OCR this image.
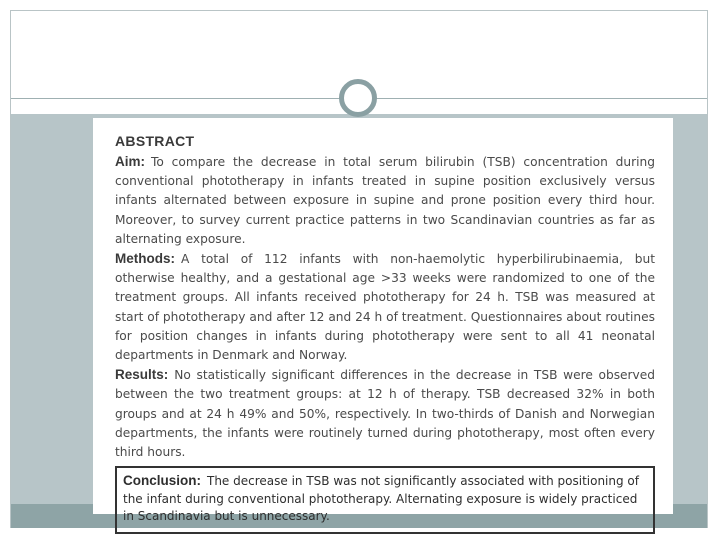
ABSTRACT

Aim: To compare the decrease in total serum bilirubin (TSB) concentration during conventional phototherapy in infants treated in supine position exclusively versus infants alternated between exposure in supine and prone position every third hour. Moreover, to survey current practice patterns in two Scandinavian countries as far as alternating exposure.

Methods: A total of 112 infants with non-haemolytic hyperbilirubinaemia, but otherwise healthy, and a gestational age >33 weeks were randomized to one of the treatment groups. All infants received phototherapy for 24 h. TSB was measured at start of phototherapy and after 12 and 24 h of treatment. Questionnaires about routines for position changes in infants during phototherapy were sent to all 41 neonatal departments in Denmark and Norway.

Results: No statistically significant differences in the decrease in TSB were observed between the two treatment groups: at 12 h of therapy. TSB decreased 32% in both groups and at 24 h 49% and 50%, respectively. In two-thirds of Danish and Norwegian departments, the infants were routinely turned during phototherapy, most often every third hours.

Conclusion: The decrease in TSB was not significantly associated with positioning of the infant during conventional phototherapy. Alternating exposure is widely practiced in Scandinavia but is unnecessary.
